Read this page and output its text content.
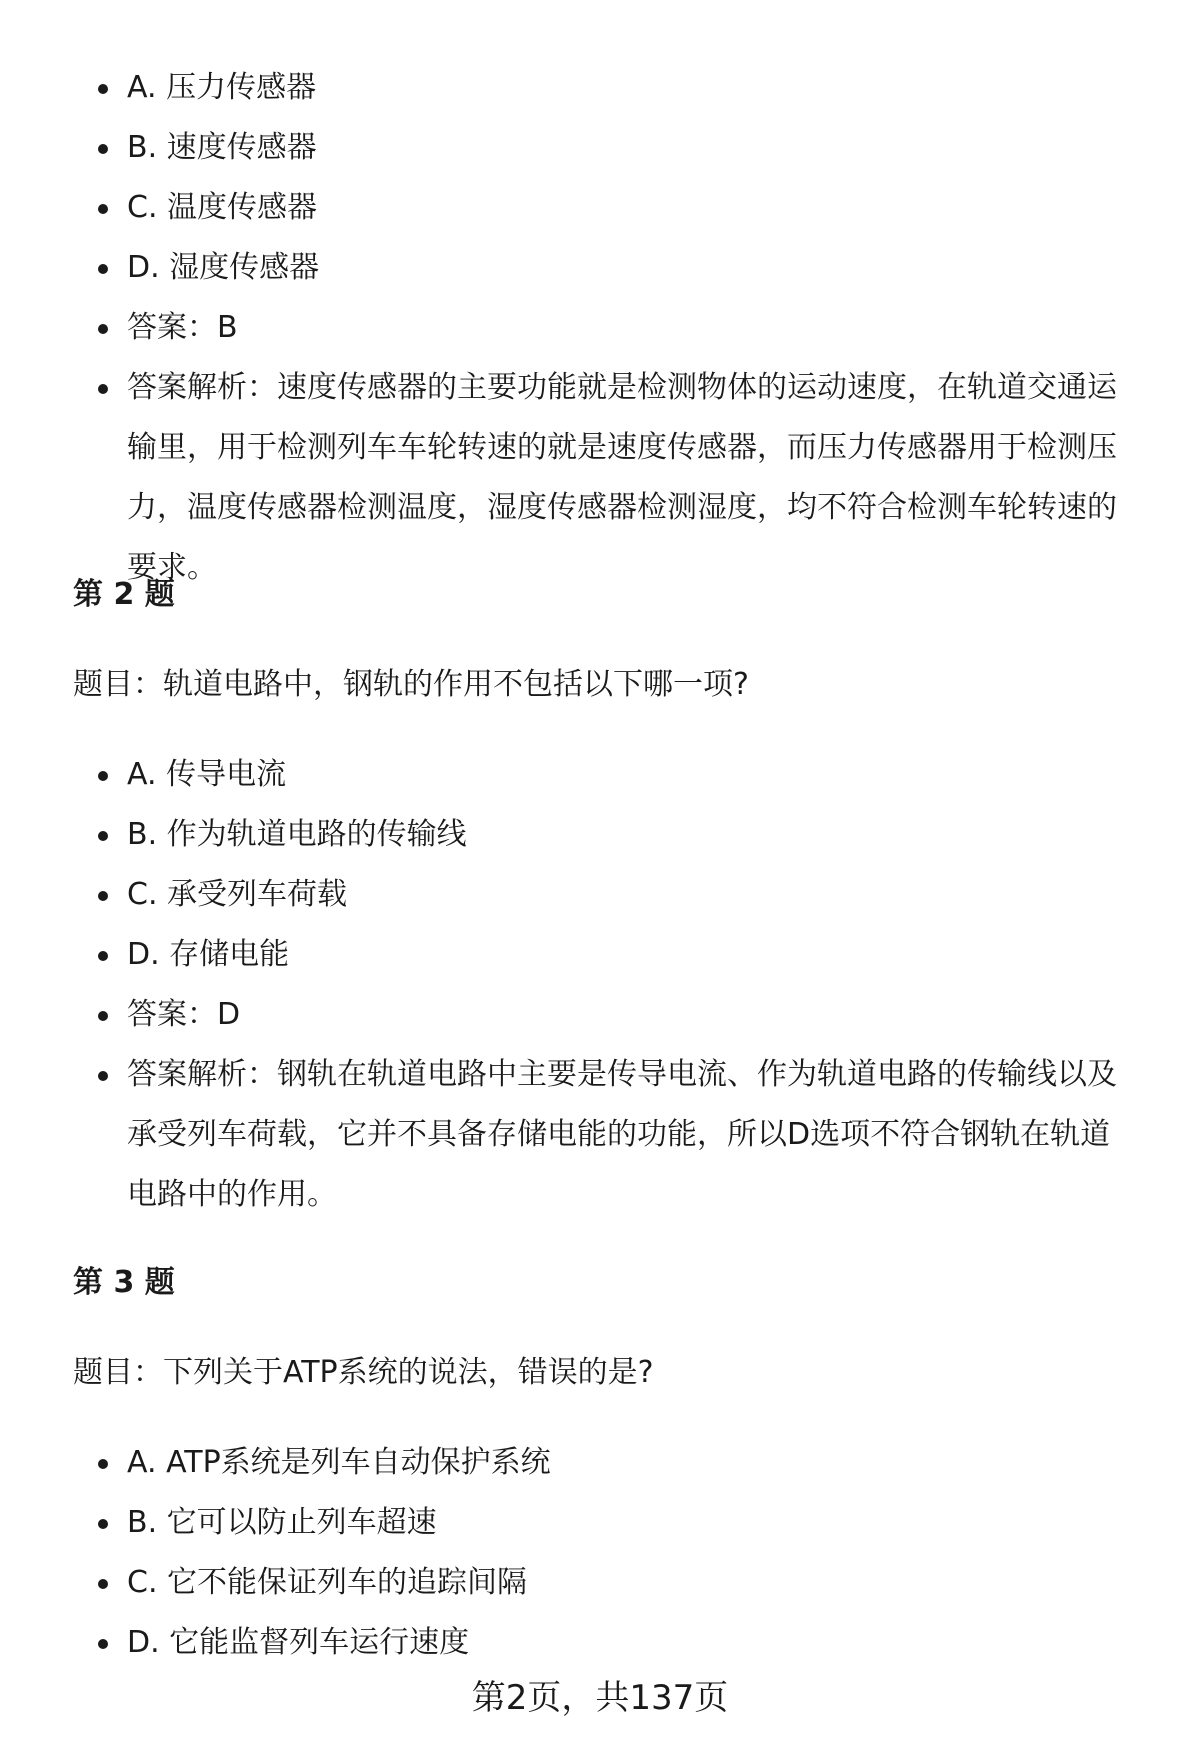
A. 压力传感器
B. 速度传感器
C. 温度传感器
D. 湿度传感器
答案：B
答案解析：速度传感器的主要功能就是检测物体的运动速度，在轨道交通运输里，用于检测列车车轮转速的就是速度传感器，而压力传感器用于检测压力，温度传感器检测温度，湿度传感器检测湿度，均不符合检测车轮转速的要求。
第 2 题

题目：轨道电路中，钢轨的作用不包括以下哪一项?

A. 传导电流
B. 作为轨道电路的传输线
C. 承受列车荷载
D. 存储电能
答案：D
答案解析：钢轨在轨道电路中主要是传导电流、作为轨道电路的传输线以及承受列车荷载，它并不具备存储电能的功能，所以D选项不符合钢轨在轨道电路中的作用。
第 3 题

题目：下列关于ATP系统的说法，错误的是?

A. ATP系统是列车自动保护系统
B. 它可以防止列车超速
C. 它不能保证列车的追踪间隔
D. 它能监督列车运行速度
第2页，共137页
